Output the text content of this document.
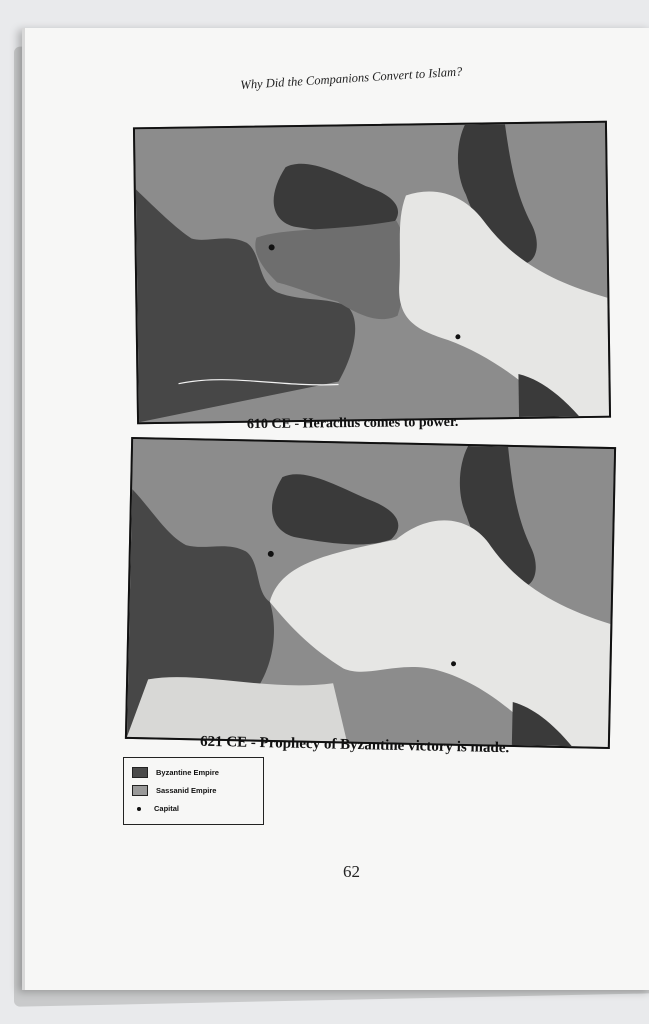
Why Did the Companions Convert to Islam?
610 CE - Heraclius comes to power.
621 CE - Prophecy of Byzantine victory is made.
Byzantine Empire
Sassanid Empire
Capital
62
